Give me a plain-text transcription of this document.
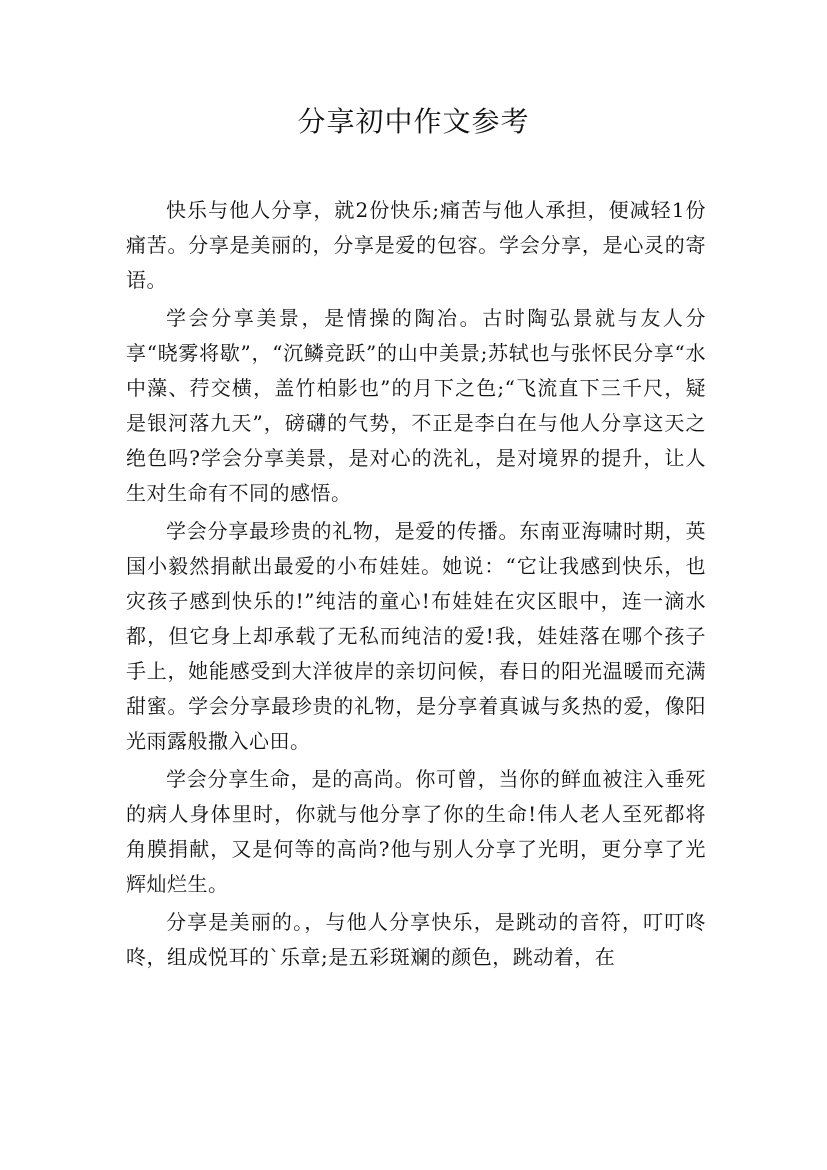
分享初中作文参考

快乐与他人分享，就2份快乐;痛苦与他人承担，便减轻1份痛苦。分享是美丽的，分享是爱的包容。学会分享，是心灵的寄语。

学会分享美景，是情操的陶冶。古时陶弘景就与友人分享“晓雾将歇”，“沉鳞竞跃”的山中美景;苏轼也与张怀民分享“水中藻、荇交横，盖竹柏影也”的月下之色;“飞流直下三千尺，疑是银河落九天”，磅礴的气势，不正是李白在与他人分享这天之绝色吗?学会分享美景，是对心的洗礼，是对境界的提升，让人生对生命有不同的感悟。

学会分享最珍贵的礼物，是爱的传播。东南亚海啸时期，英国小毅然捐献出最爱的小布娃娃。她说：“它让我感到快乐，也灾孩子感到快乐的!”纯洁的童心!布娃娃在灾区眼中，连一滴水都，但它身上却承载了无私而纯洁的爱!我，娃娃落在哪个孩子手上，她能感受到大洋彼岸的亲切问候，春日的阳光温暖而充满甜蜜。学会分享最珍贵的礼物，是分享着真诚与炙热的爱，像阳光雨露般撒入心田。

学会分享生命，是的高尚。你可曾，当你的鲜血被注入垂死的病人身体里时，你就与他分享了你的生命!伟人老人至死都将角膜捐献，又是何等的高尚?他与别人分享了光明，更分享了光辉灿烂生。

分享是美丽的。，与他人分享快乐，是跳动的音符，叮叮咚咚，组成悦耳的`乐章;是五彩斑斓的颜色，跳动着，在
